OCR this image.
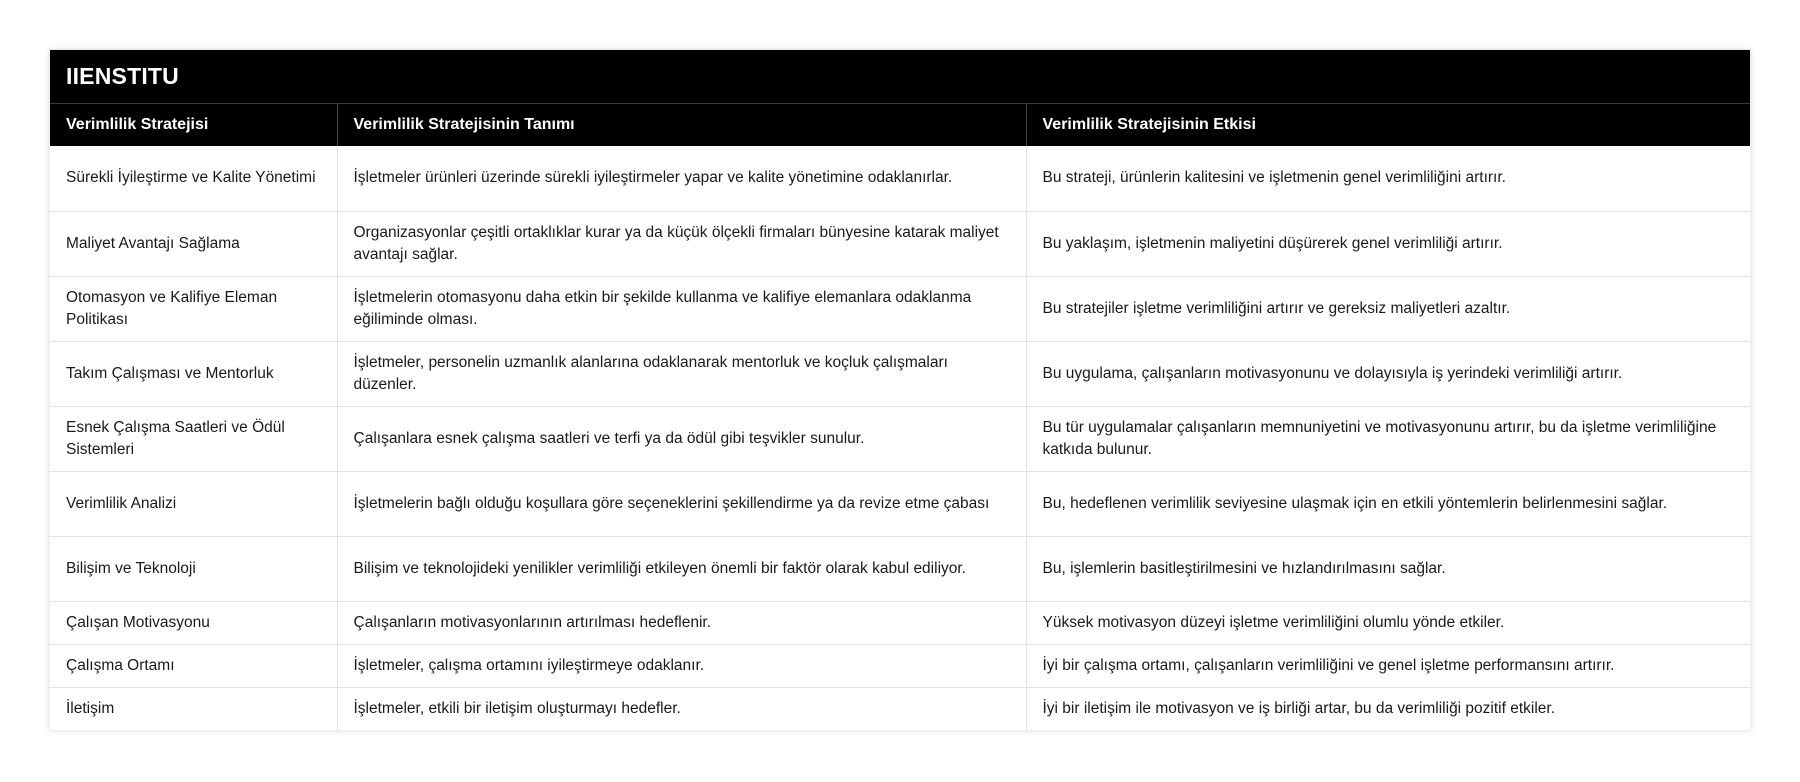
IIENSTITU
Verimlilik Stratejisi	Verimlilik Stratejisinin Tanımı	Verimlilik Stratejisinin Etkisi
Sürekli İyileştirme ve Kalite Yönetimi	İşletmeler ürünleri üzerinde sürekli iyileştirmeler yapar ve kalite yönetimine odaklanırlar.	Bu strateji, ürünlerin kalitesini ve işletmenin genel verimliliğini artırır.
Maliyet Avantajı Sağlama	Organizasyonlar çeşitli ortaklıklar kurar ya da küçük ölçekli firmaları bünyesine katarak maliyet avantajı sağlar.	Bu yaklaşım, işletmenin maliyetini düşürerek genel verimliliği artırır.
Otomasyon ve Kalifiye Eleman Politikası	İşletmelerin otomasyonu daha etkin bir şekilde kullanma ve kalifiye elemanlara odaklanma eğiliminde olması.	Bu stratejiler işletme verimliliğini artırır ve gereksiz maliyetleri azaltır.
Takım Çalışması ve Mentorluk	İşletmeler, personelin uzmanlık alanlarına odaklanarak mentorluk ve koçluk çalışmaları düzenler.	Bu uygulama, çalışanların motivasyonunu ve dolayısıyla iş yerindeki verimliliği artırır.
Esnek Çalışma Saatleri ve Ödül Sistemleri	Çalışanlara esnek çalışma saatleri ve terfi ya da ödül gibi teşvikler sunulur.	Bu tür uygulamalar çalışanların memnuniyetini ve motivasyonunu artırır, bu da işletme verimliliğine katkıda bulunur.
Verimlilik Analizi	İşletmelerin bağlı olduğu koşullara göre seçeneklerini şekillendirme ya da revize etme çabası	Bu, hedeflenen verimlilik seviyesine ulaşmak için en etkili yöntemlerin belirlenmesini sağlar.
Bilişim ve Teknoloji	Bilişim ve teknolojideki yenilikler verimliliği etkileyen önemli bir faktör olarak kabul ediliyor.	Bu, işlemlerin basitleştirilmesini ve hızlandırılmasını sağlar.
Çalışan Motivasyonu	Çalışanların motivasyonlarının artırılması hedeflenir.	Yüksek motivasyon düzeyi işletme verimliliğini olumlu yönde etkiler.
Çalışma Ortamı	İşletmeler, çalışma ortamını iyileştirmeye odaklanır.	İyi bir çalışma ortamı, çalışanların verimliliğini ve genel işletme performansını artırır.
İletişim	İşletmeler, etkili bir iletişim oluşturmayı hedefler.	İyi bir iletişim ile motivasyon ve iş birliği artar, bu da verimliliği pozitif etkiler.
